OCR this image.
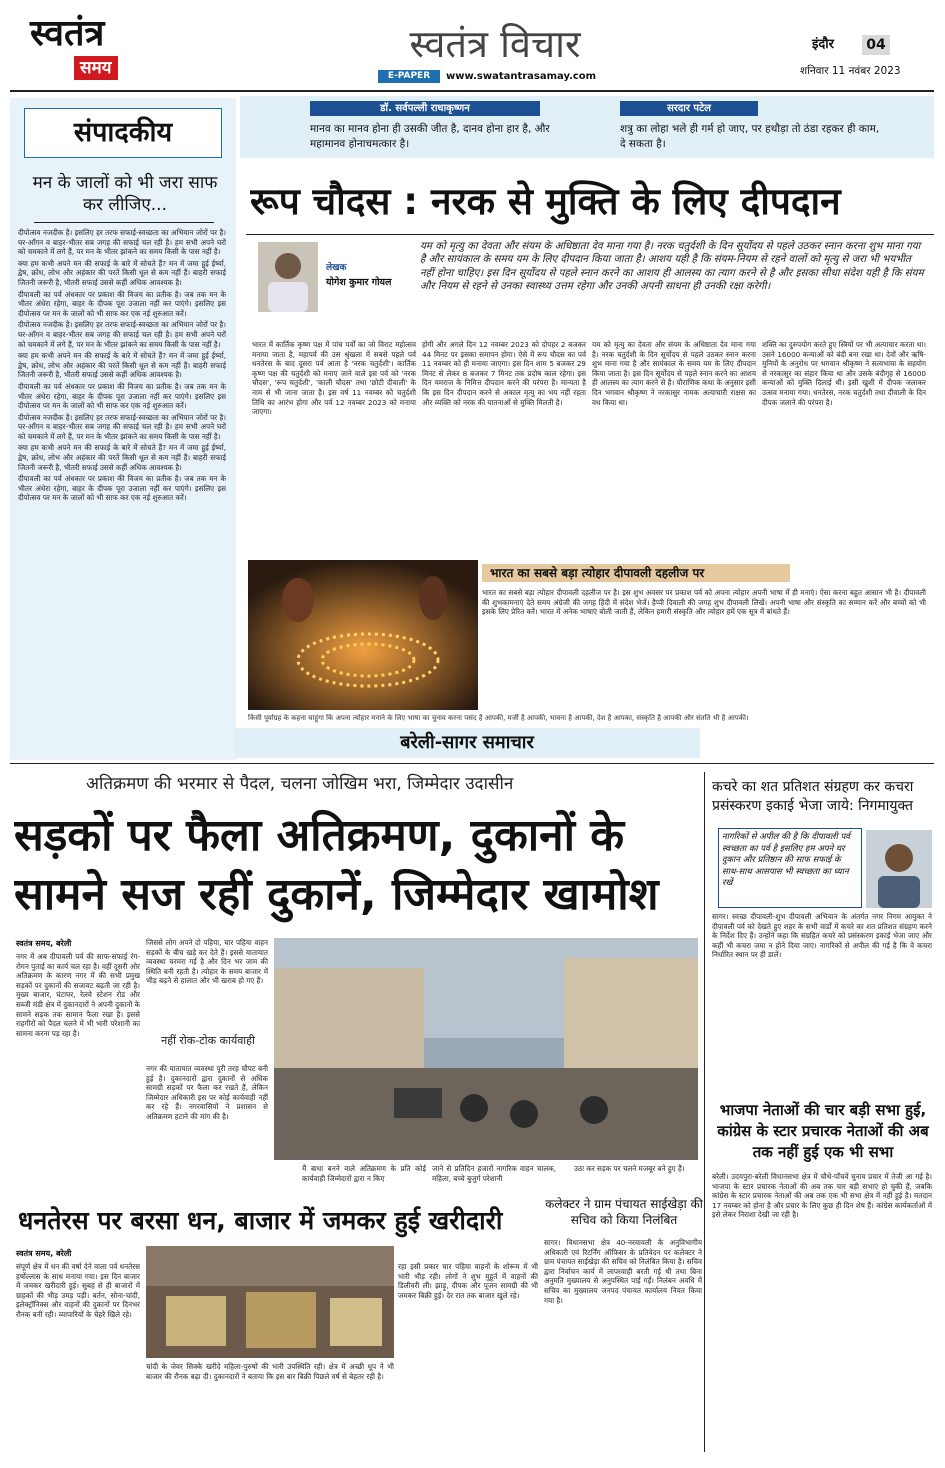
स्वतंत्र
समय
स्वतंत्र विचार
E-PAPER	www.swatantrasamay.com
इंदौर	04
शनिवार 11 नवंबर 2023
संपादकीय
मन के जालों को भी जरा साफ कर लीजिए...

दीपोत्सव नजदीक है। इसलिए हर तरफ सफाई-स्वच्छता का अभियान जोरों पर है। घर-आँगन व बाहर-भीतर सब जगह की सफाई चल रही है। हम सभी अपने घरों को चमकाने में लगे हैं, पर मन के भीतर झांकने का समय किसी के पास नहीं है।

क्या हम कभी अपने मन की सफाई के बारे में सोचते हैं? मन में जमा हुई ईर्ष्या, द्वेष, क्रोध, लोभ और अहंकार की परतें किसी धूल से कम नहीं हैं। बाहरी सफाई जितनी जरूरी है, भीतरी सफाई उससे कहीं अधिक आवश्यक है।

दीपावली का पर्व अंधकार पर प्रकाश की विजय का प्रतीक है। जब तक मन के भीतर अंधेरा रहेगा, बाहर के दीपक पूरा उजाला नहीं कर पाएंगे। इसलिए इस दीपोत्सव पर मन के जालों को भी साफ कर एक नई शुरुआत करें।

दीपोत्सव नजदीक है। इसलिए हर तरफ सफाई-स्वच्छता का अभियान जोरों पर है। घर-आँगन व बाहर-भीतर सब जगह की सफाई चल रही है। हम सभी अपने घरों को चमकाने में लगे हैं, पर मन के भीतर झांकने का समय किसी के पास नहीं है।

क्या हम कभी अपने मन की सफाई के बारे में सोचते हैं? मन में जमा हुई ईर्ष्या, द्वेष, क्रोध, लोभ और अहंकार की परतें किसी धूल से कम नहीं हैं। बाहरी सफाई जितनी जरूरी है, भीतरी सफाई उससे कहीं अधिक आवश्यक है।

दीपावली का पर्व अंधकार पर प्रकाश की विजय का प्रतीक है। जब तक मन के भीतर अंधेरा रहेगा, बाहर के दीपक पूरा उजाला नहीं कर पाएंगे। इसलिए इस दीपोत्सव पर मन के जालों को भी साफ कर एक नई शुरुआत करें।

दीपोत्सव नजदीक है। इसलिए हर तरफ सफाई-स्वच्छता का अभियान जोरों पर है। घर-आँगन व बाहर-भीतर सब जगह की सफाई चल रही है। हम सभी अपने घरों को चमकाने में लगे हैं, पर मन के भीतर झांकने का समय किसी के पास नहीं है।

क्या हम कभी अपने मन की सफाई के बारे में सोचते हैं? मन में जमा हुई ईर्ष्या, द्वेष, क्रोध, लोभ और अहंकार की परतें किसी धूल से कम नहीं हैं। बाहरी सफाई जितनी जरूरी है, भीतरी सफाई उससे कहीं अधिक आवश्यक है।

दीपावली का पर्व अंधकार पर प्रकाश की विजय का प्रतीक है। जब तक मन के भीतर अंधेरा रहेगा, बाहर के दीपक पूरा उजाला नहीं कर पाएंगे। इसलिए इस दीपोत्सव पर मन के जालों को भी साफ कर एक नई शुरुआत करें।

डॉ. सर्वपल्ली राधाकृष्णन
मानव का मानव होना ही उसकी जीत है, दानव होना हार है, और महामानव होनाचमत्कार है।
सरदार पटेल
शत्रु का लोहा भले ही गर्म हो जाए, पर हथौड़ा तो ठंडा रहकर ही काम, दे सकता है।
रूप चौदस : नरक से मुक्ति के लिए दीपदान
लेखक
योगेश कुमार गोयल
यम को मृत्यु का देवता और संयम के अधिष्ठाता देव माना गया है। नरक चतुर्दशी के दिन सूर्योदय से पहले उठकर स्नान करना शुभ माना गया है और सायंकाल के समय यम के लिए दीपदान किया जाता है। आशय यही है कि संयम-नियम से रहने वालों को मृत्यु से जरा भी भयभीत नहीं होना चाहिए। इस दिन सूर्योदय से पहले स्नान करने का आशय ही आलस्य का त्याग करने से है और इसका सीधा संदेश यही है कि संयम और नियम से रहने से उनका स्वास्थ्य उत्तम रहेगा और उनकी अपनी साधना ही उनकी रक्षा करेगी।
भारत में कार्तिक कृष्ण पक्ष में पांच पर्वों का जो विराट महोत्सव मनाया जाता है, महापर्व की उस श्रृंखला में सबसे पहले पर्व धनतेरस के बाद दूसरा पर्व आता है 'नरक चतुर्दशी'। कार्तिक कृष्ण पक्ष की चतुर्दशी को मनाए जाने वाले इस पर्व को 'नरक चौदस', 'रूप चतुर्दशी', 'काली चौदस' तथा 'छोटी दीवाली' के नाम से भी जाना जाता है। इस वर्ष 11 नवम्बर को चतुर्दशी तिथि का आरंभ होगा और पर्व 12 नवम्बर 2023 को मनाया जाएगा।
होगी और अगले दिन 12 नवम्बर 2023 को दोपहर 2 बजकर 44 मिनट पर इसका समापन होगा। ऐसे में रूप चौदस का पर्व 11 नवम्बर को ही मनाया जाएगा। इस दिन शाम 5 बजकर 29 मिनट से लेकर 8 बजकर 7 मिनट तक प्रदोष काल रहेगा। इस दिन यमराज के निमित्त दीपदान करने की परंपरा है। मान्यता है कि इस दिन दीपदान करने से अकाल मृत्यु का भय नहीं रहता और व्यक्ति को नरक की यातनाओं से मुक्ति मिलती है।
यम को मृत्यु का देवता और संयम के अधिष्ठाता देव माना गया है। नरक चतुर्दशी के दिन सूर्योदय से पहले उठकर स्नान करना शुभ माना गया है और सायंकाल के समय यम के लिए दीपदान किया जाता है। इस दिन सूर्योदय से पहले स्नान करने का आशय ही आलस्य का त्याग करने से है। पौराणिक कथा के अनुसार इसी दिन भगवान श्रीकृष्ण ने नरकासुर नामक अत्याचारी राक्षस का वध किया था।
शक्ति का दुरुपयोग करते हुए स्त्रियों पर भी अत्याचार करता था। उसने 16000 कन्याओं को बंदी बना रखा था। देवों और ऋषि-मुनियों के अनुरोध पर भगवान श्रीकृष्ण ने सत्यभामा के सहयोग से नरकासुर का संहार किया था और उसके बंदीगृह से 16000 कन्याओं को मुक्ति दिलाई थी। इसी खुशी में दीपक जलाकर उत्सव मनाया गया। धनतेरस, नरक चतुर्दशी तथा दीवाली के दिन दीपक जलाने की परंपरा है।
भारत का सबसे बड़ा त्योहार दीपावली दहलीज पर
भारत का सबसे बड़ा त्योहार दीपावली दहलीज पर है। इस शुभ अवसर पर प्रकाश पर्व को अपना त्योहार अपनी भाषा में ही मनाएं। ऐसा करना बहुत आसान भी है। दीपावली की शुभकामनाएं देते समय अंग्रेजी की जगह हिंदी में संदेश भेजें। हैप्पी दिवाली की जगह शुभ दीपावली लिखें। अपनी भाषा और संस्कृति का सम्मान करें और बच्चों को भी इसके लिए प्रेरित करें। भारत में अनेक भाषाएं बोली जाती हैं, लेकिन हमारी संस्कृति और त्योहार हमें एक सूत्र में बांधते हैं।
किसी पूर्वाग्रह के कहना चाहूंगा कि अपना त्योहार मनाने के लिए भाषा का चुनाव करना पसंद है आपकी, मर्जी है आपकी, भावना है आपकी, देश है आपका, संस्कृति है आपकी और संतति भी है आपकी।
बरेली-सागर समाचार
अतिक्रमण की भरमार से पैदल, चलना जोखिम भरा, जिम्मेदार उदासीन
सड़कों पर फैला अतिक्रमण, दुकानों के सामने सज रहीं दुकानें, जिम्मेदार खामोश
स्वतंत्र समय, बरेली
नगर में अब दीपावली पर्व की साफ-सफाई रंग-रोगन पुताई का कार्य चल रहा है। वहीं दूसरी ओर अतिक्रमण के कारण नगर में की सभी प्रमुख सड़कों पर दुकानों की सजावट बढ़ती जा रही है। मुख्य बाजार, घंटाघर, रेलवे स्टेशन रोड और सब्जी मंडी क्षेत्र में दुकानदारों ने अपनी दुकानों के सामने सड़क तक सामान फैला रखा है। इससे राहगीरों को पैदल चलने में भी भारी परेशानी का सामना करना पड़ रहा है।
जिससे लोग अपने दो पहिया, चार पहिया वाहन सड़कों के बीच खड़े कर देते हैं। इससे यातायात व्यवस्था चरमरा गई है और दिन भर जाम की स्थिति बनी रहती है। त्योहार के समय बाजार में भीड़ बढ़ने से हालात और भी खराब हो गए हैं।
नहीं रोक-टोक कार्यवाही
नगर की यातायात व्यवस्था पूरी तरह चौपट बनी हुई है। दुकानदारों द्वारा दुकानों से अधिक सामग्री सड़कों पर फैला कर रखते हैं, लेकिन जिम्मेदार अधिकारी इस पर कोई कार्यवाही नहीं कर रहे हैं। नगरवासियों ने प्रशासन से अतिक्रमण हटाने की मांग की है।
मैं बाधा बनने वाले अतिक्रमण के प्रति कोई कार्यवाही जिम्मेदारों द्वारा न किए
जाने से प्रतिदिन हजारों नागरिक वाहन चालक, महिला, बच्चे बुजुर्ग परेशानी
उठा कर सड़क पर चलने मजबूर बने हुए हैं।
कचरे का शत प्रतिशत संग्रहण कर कचरा प्रसंस्करण इकाई भेजा जाये: निगमायुक्त
नागरिकों से अपील की है कि दीपावली पर्व स्वच्छता का पर्व है इसलिए हम अपने घर दुकान और प्रतिष्ठान की साफ सफाई के साथ-साथ आसपास भी स्वच्छता का ध्यान रखें
सागर। स्वच्छ दीपावली-शुभ दीपावली अभियान के अंतर्गत नगर निगम आयुक्त ने दीपावली पर्व को देखते हुए शहर के सभी वार्डों में कचरे का शत प्रतिशत संग्रहण करने के निर्देश दिए हैं। उन्होंने कहा कि संग्रहित कचरे को प्रसंस्करण इकाई भेजा जाए और कहीं भी कचरा जमा न होने दिया जाए। नागरिकों से अपील की गई है कि वे कचरा निर्धारित स्थान पर ही डालें।
भाजपा नेताओं की चार बड़ी सभा हुई, कांग्रेस के स्टार प्रचारक नेताओं की अब तक नहीं हुई एक भी सभा
बरेली। उदयपुरा-बरेली विधानसभा क्षेत्र में चौथे-पाँचवें चुनाव प्रचार में तेजी आ गई है। भाजपा के स्टार प्रचारक नेताओं की अब तक चार बड़ी सभाएं हो चुकी हैं, जबकि कांग्रेस के स्टार प्रचारक नेताओं की अब तक एक भी सभा क्षेत्र में नहीं हुई है। मतदान 17 नवम्बर को होना है और प्रचार के लिए कुछ ही दिन शेष हैं। कांग्रेस कार्यकर्ताओं में इसे लेकर निराशा देखी जा रही है।
धनतेरस पर बरसा धन, बाजार में जमकर हुई खरीदारी
स्वतंत्र समय, बरेली
संपूर्ण क्षेत्र में धन की वर्षा देने वाला पर्व धनतेरस हर्षोल्लास के साथ मनाया गया। इस दिन बाजार में जमकर खरीदारी हुई। सुबह से ही बाजारों में ग्राहकों की भीड़ उमड़ पड़ी। बर्तन, सोना-चांदी, इलेक्ट्रॉनिक्स और वाहनों की दुकानों पर दिनभर रौनक बनी रही। व्यापारियों के चेहरे खिले रहे।
चांदी के जेवर सिक्के खरीदे महिला-पुरुषों की भारी उपस्थिति रही। क्षेत्र में अच्छी धूप ने भी बाजार की रौनक बढ़ा दी। दुकानदारों ने बताया कि इस बार बिक्री पिछले वर्ष से बेहतर रही है।
रहा इसी प्रकार चार पहिया वाहनों के शोरूम में भी भारी भीड़ रही। लोगों ने शुभ मुहूर्त में वाहनों की डिलीवरी ली। झाड़ू, दीपक और पूजन सामग्री की भी जमकर बिक्री हुई। देर रात तक बाजार खुले रहे।
कलेक्टर ने ग्राम पंचायत साईखेड़ा की सचिव को किया निलंबित
सागर। विधानसभा क्षेत्र 40-नरयावली के अनुविभागीय अधिकारी एवं रिटर्निंग ऑफिसर के प्रतिवेदन पर कलेक्टर ने ग्राम पंचायत साईखेड़ा की सचिव को निलंबित किया है। सचिव द्वारा निर्वाचन कार्य में लापरवाही बरती गई थी तथा बिना अनुमति मुख्यालय से अनुपस्थित पाई गईं। निलंबन अवधि में सचिव का मुख्यालय जनपद पंचायत कार्यालय नियत किया गया है।
